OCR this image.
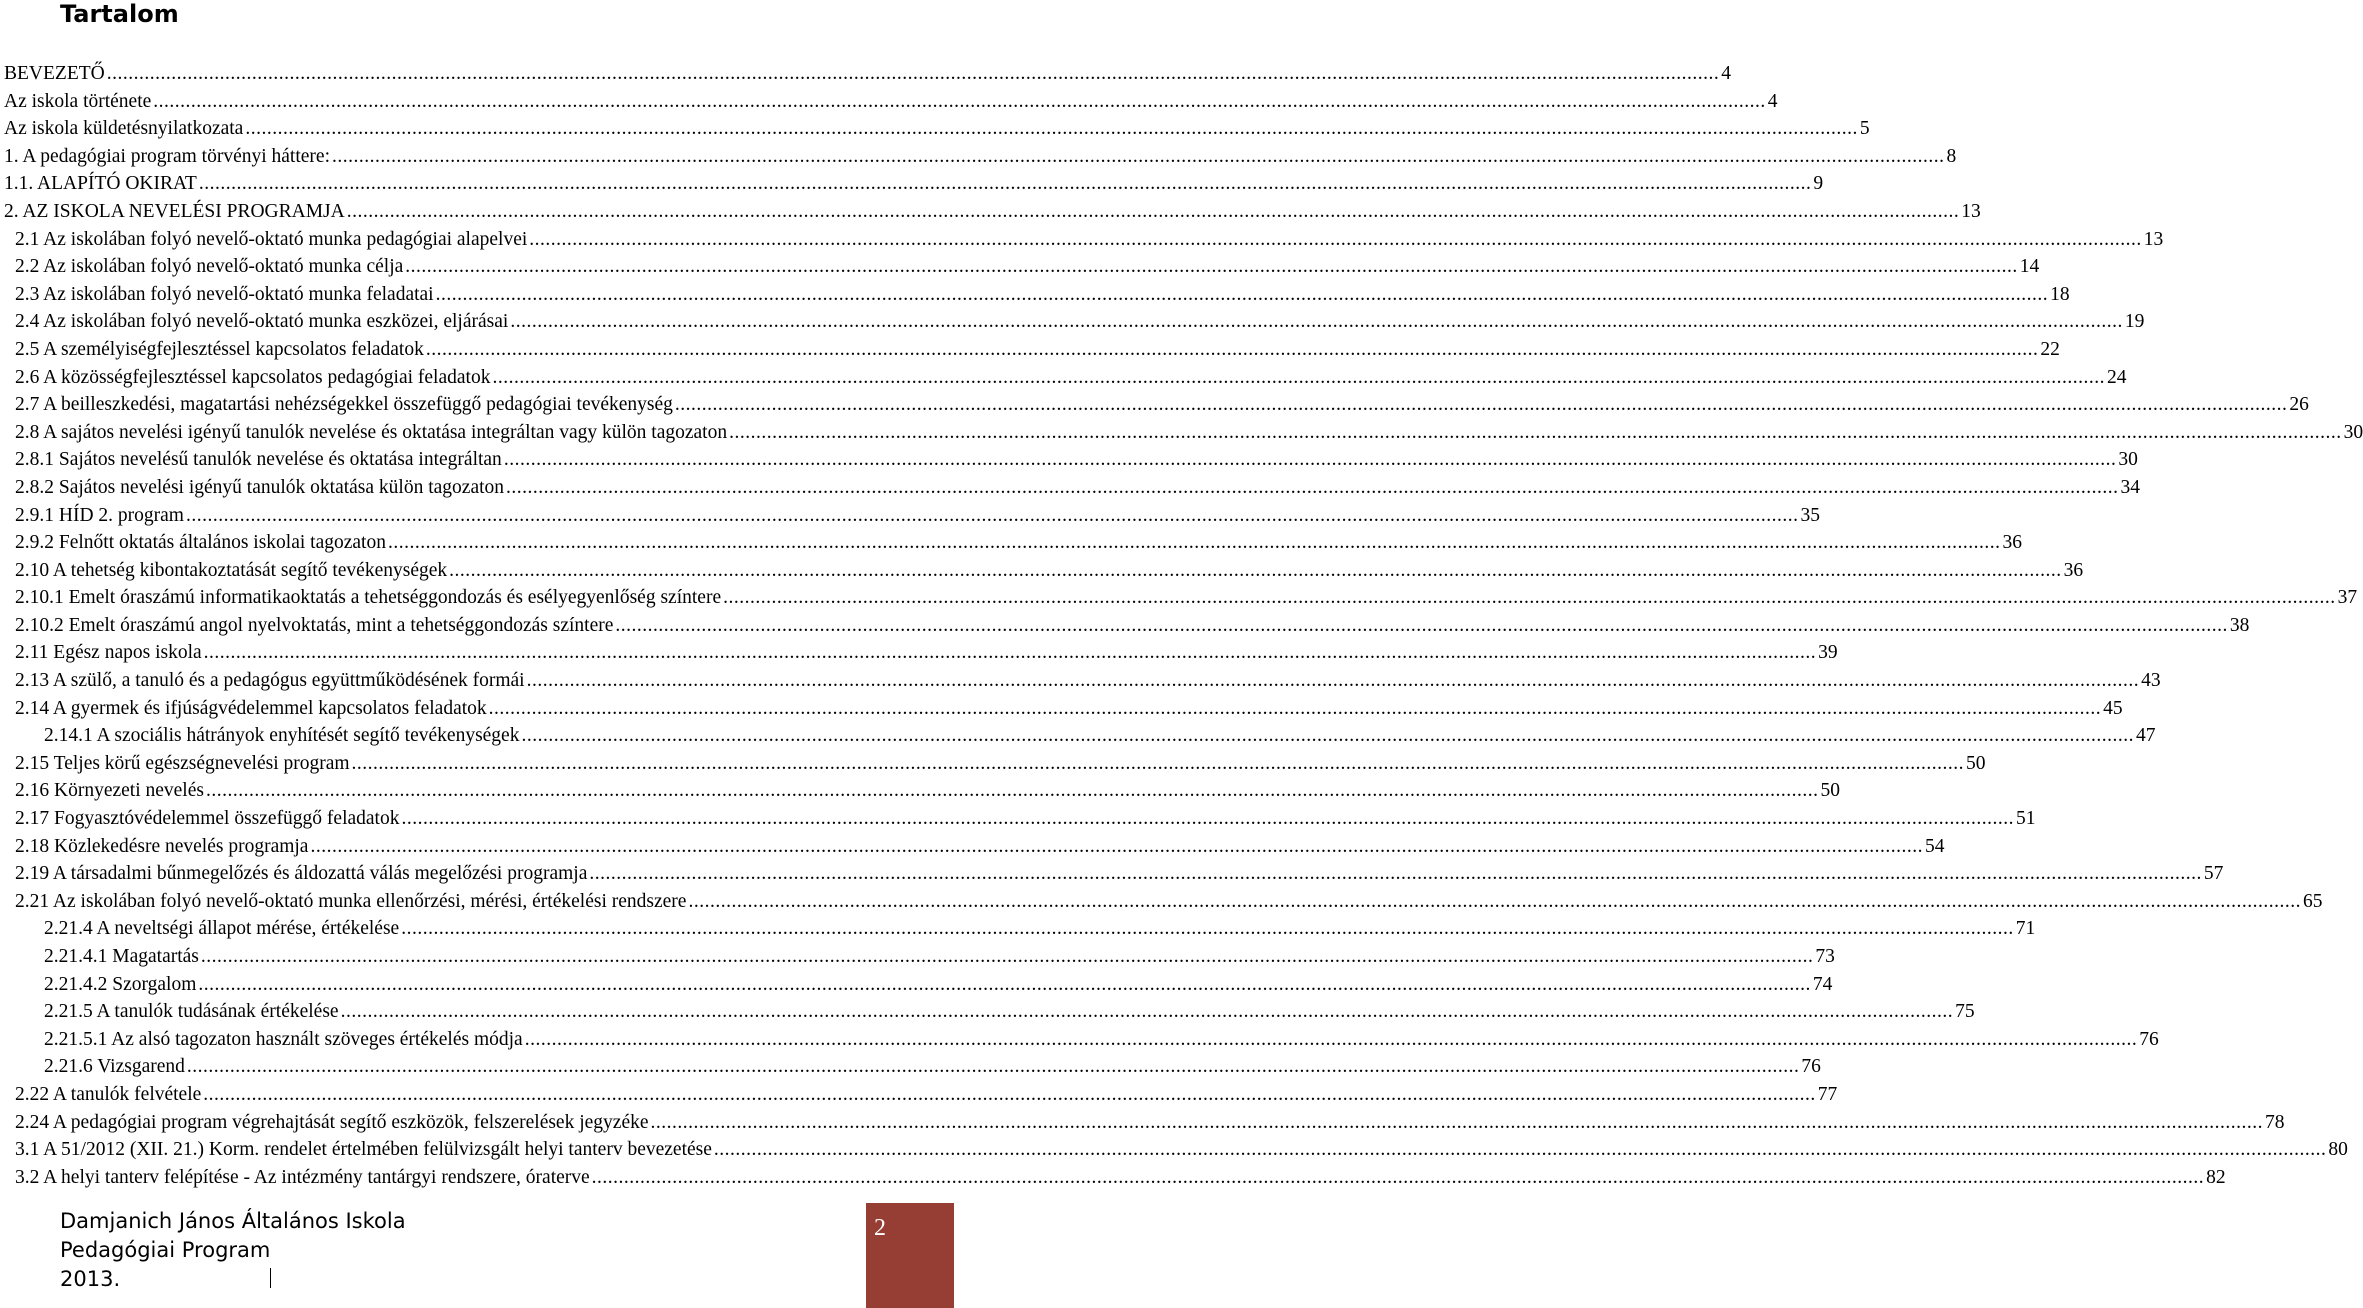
Tartalom
BEVEZETŐ ............................................................................................................................................................................................................................................................................................................ 4
Az iskola története ............................................................................................................................................................................................................................................................................................................ 4
Az iskola küldetésnyilatkozata ............................................................................................................................................................................................................................................................................................................ 5
1. A pedagógiai program törvényi háttere: ............................................................................................................................................................................................................................................................................................................ 8
1.1. ALAPÍTÓ OKIRAT ............................................................................................................................................................................................................................................................................................................ 9
2. AZ ISKOLA NEVELÉSI PROGRAMJA ............................................................................................................................................................................................................................................................................................................ 13
2.1 Az iskolában folyó nevelő-oktató munka pedagógiai alapelvei ............................................................................................................................................................................................................................................................................................................ 13
2.2 Az iskolában folyó nevelő-oktató munka célja ............................................................................................................................................................................................................................................................................................................ 14
2.3 Az iskolában folyó nevelő-oktató munka feladatai ............................................................................................................................................................................................................................................................................................................ 18
2.4 Az iskolában folyó nevelő-oktató munka eszközei, eljárásai ............................................................................................................................................................................................................................................................................................................ 19
2.5 A személyiségfejlesztéssel kapcsolatos feladatok ............................................................................................................................................................................................................................................................................................................ 22
2.6 A közösségfejlesztéssel kapcsolatos pedagógiai feladatok ............................................................................................................................................................................................................................................................................................................ 24
2.7 A beilleszkedési, magatartási nehézségekkel összefüggő pedagógiai tevékenység ............................................................................................................................................................................................................................................................................................................ 26
2.8 A sajátos nevelési igényű tanulók nevelése és oktatása integráltan vagy külön tagozaton ............................................................................................................................................................................................................................................................................................................ 30
2.8.1 Sajátos nevelésű tanulók nevelése és oktatása integráltan ............................................................................................................................................................................................................................................................................................................ 30
2.8.2 Sajátos nevelési igényű tanulók oktatása külön tagozaton ............................................................................................................................................................................................................................................................................................................ 34
2.9.1 HÍD 2. program ............................................................................................................................................................................................................................................................................................................ 35
2.9.2 Felnőtt oktatás általános iskolai tagozaton ............................................................................................................................................................................................................................................................................................................ 36
2.10 A tehetség kibontakoztatását segítő tevékenységek ............................................................................................................................................................................................................................................................................................................ 36
2.10.1 Emelt óraszámú informatikaoktatás a tehetséggondozás és esélyegyenlőség színtere ............................................................................................................................................................................................................................................................................................................ 37
2.10.2 Emelt óraszámú angol nyelvoktatás, mint a tehetséggondozás színtere ............................................................................................................................................................................................................................................................................................................ 38
2.11 Egész napos iskola ............................................................................................................................................................................................................................................................................................................ 39
2.13 A szülő, a tanuló és a pedagógus együttműködésének formái ............................................................................................................................................................................................................................................................................................................ 43
2.14 A gyermek és ifjúságvédelemmel kapcsolatos feladatok ............................................................................................................................................................................................................................................................................................................ 45
2.14.1 A szociális hátrányok enyhítését segítő tevékenységek ............................................................................................................................................................................................................................................................................................................ 47
2.15 Teljes körű egészségnevelési program ............................................................................................................................................................................................................................................................................................................ 50
2.16 Környezeti nevelés ............................................................................................................................................................................................................................................................................................................ 50
2.17 Fogyasztóvédelemmel összefüggő feladatok ............................................................................................................................................................................................................................................................................................................ 51
2.18 Közlekedésre nevelés programja ............................................................................................................................................................................................................................................................................................................ 54
2.19 A társadalmi bűnmegelőzés és áldozattá válás megelőzési programja ............................................................................................................................................................................................................................................................................................................ 57
2.21 Az iskolában folyó nevelő-oktató munka ellenőrzési, mérési, értékelési rendszere ............................................................................................................................................................................................................................................................................................................ 65
2.21.4 A neveltségi állapot mérése, értékelése ............................................................................................................................................................................................................................................................................................................ 71
2.21.4.1 Magatartás ............................................................................................................................................................................................................................................................................................................ 73
2.21.4.2 Szorgalom ............................................................................................................................................................................................................................................................................................................ 74
2.21.5 A tanulók tudásának értékelése ............................................................................................................................................................................................................................................................................................................ 75
2.21.5.1 Az alsó tagozaton használt szöveges értékelés módja ............................................................................................................................................................................................................................................................................................................ 76
2.21.6 Vizsgarend ............................................................................................................................................................................................................................................................................................................ 76
2.22 A tanulók felvétele ............................................................................................................................................................................................................................................................................................................ 77
2.24 A pedagógiai program végrehajtását segítő eszközök, felszerelések jegyzéke ............................................................................................................................................................................................................................................................................................................ 78
3.1 A 51/2012 (XII. 21.) Korm. rendelet értelmében felülvizsgált helyi tanterv bevezetése ............................................................................................................................................................................................................................................................................................................ 80
3.2 A helyi tanterv felépítése - Az intézmény tantárgyi rendszere, óraterve ............................................................................................................................................................................................................................................................................................................ 82
Damjanich János Általános Iskola
Pedagógiai Program
2013.
2
